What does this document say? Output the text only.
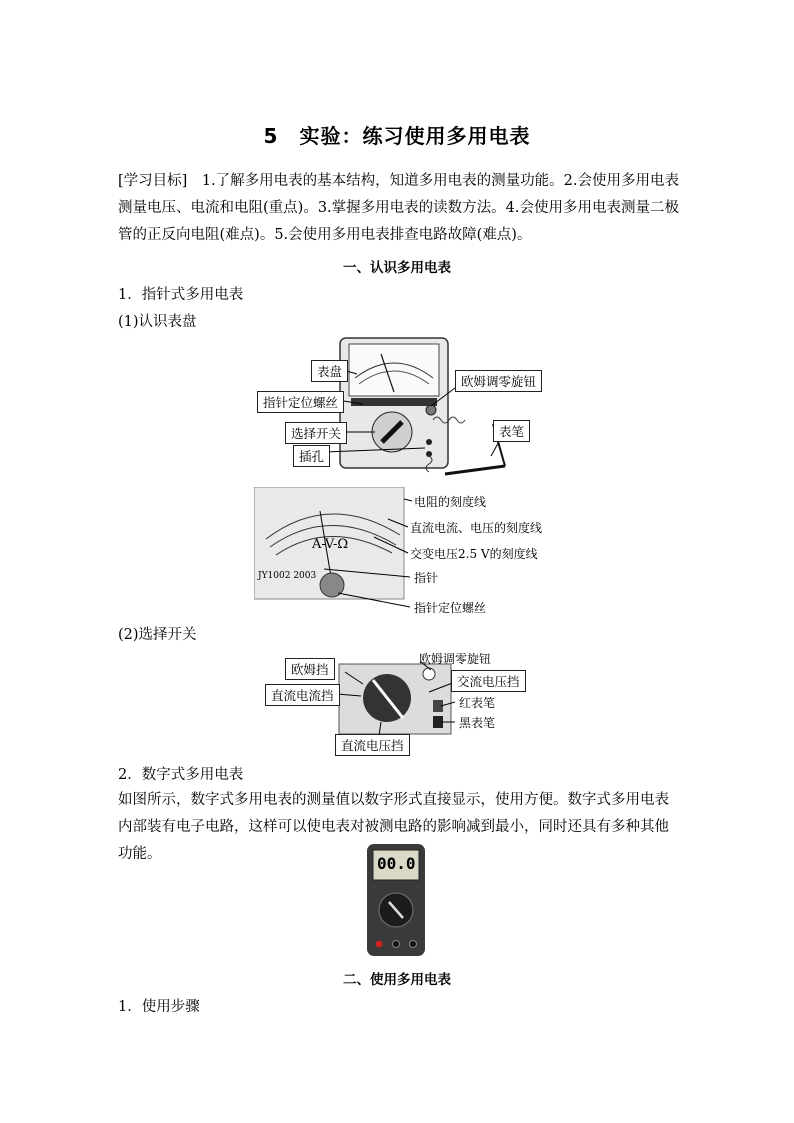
5　实验：练习使用多用电表
[学习目标]　 1.了解多用电表的基本结构，知道多用电表的测量功能。2.会使用多用电表测量电压、电流和电阻(重点)。3.掌握多用电表的读数方法。4.会使用多用电表测量二极管的正反向电阻(难点)。5.会使用多用电表排查电路故障(难点)。
一、认识多用电表
1．指针式多用电表
(1)认识表盘
表盘
欧姆调零旋钮
指针定位螺丝
选择开关	表笔
插孔
A-V-Ω
JY1002 2003
电阻的刻度线
直流电流、电压的刻度线
交变电压2.5 V的刻度线
指针
指针定位螺丝
(2)选择开关
欧姆挡
欧姆调零旋钮
交流电压挡
直流电流挡	红表笔
黑表笔
直流电压挡
2．数字式多用电表
如图所示，数字式多用电表的测量值以数字形式直接显示，使用方便。数字式多用电表内部装有电子电路，这样可以使电表对被测电路的影响减到最小，同时还具有多种其他功能。	00.0
二、使用多用电表
1．使用步骤
